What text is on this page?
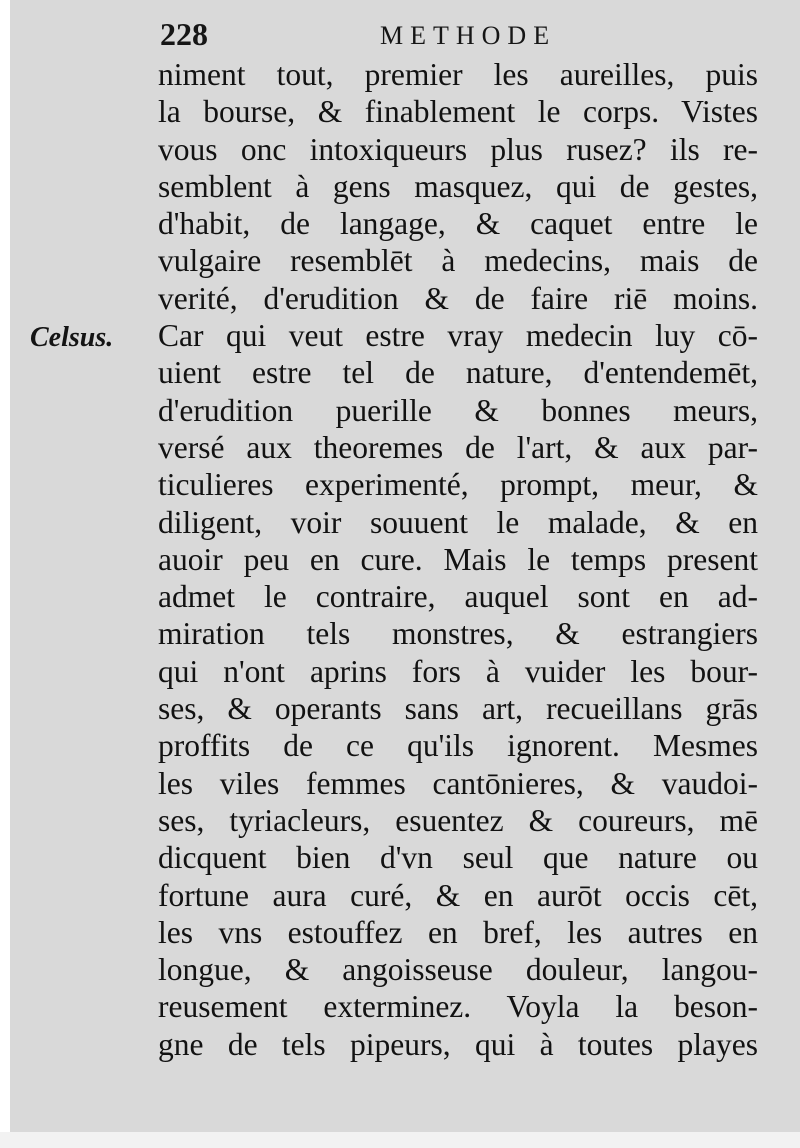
228	METHODE
Celsus.
niment tout, premier les aureilles, puis
la bourse, & finablement le corps. Vistes
vous onc intoxiqueurs plus rusez? ils re-
semblent à gens masquez, qui de gestes,
d'habit, de langage, & caquet entre le
vulgaire resemblēt à medecins, mais de
verité, d'erudition & de faire riē moins.
Car qui veut estre vray medecin luy cō-
uient estre tel de nature, d'entendemēt,
d'erudition puerille & bonnes meurs,
versé aux theoremes de l'art, & aux par-
ticulieres experimenté, prompt, meur, &
diligent, voir souuent le malade, & en
auoir peu en cure. Mais le temps present
admet le contraire, auquel sont en ad-
miration tels monstres, & estrangiers
qui n'ont aprins fors à vuider les bour-
ses, & operants sans art, recueillans grās
proffits de ce qu'ils ignorent. Mesmes
les viles femmes cantōnieres, & vaudoi-
ses, tyriacleurs, esuentez & coureurs, mē
dicquent bien d'vn seul que nature ou
fortune aura curé, & en aurōt occis cēt,
les vns estouffez en bref, les autres en
longue, & angoisseuse douleur, langou-
reusement exterminez. Voyla la beson-
gne de tels pipeurs, qui à toutes playes
